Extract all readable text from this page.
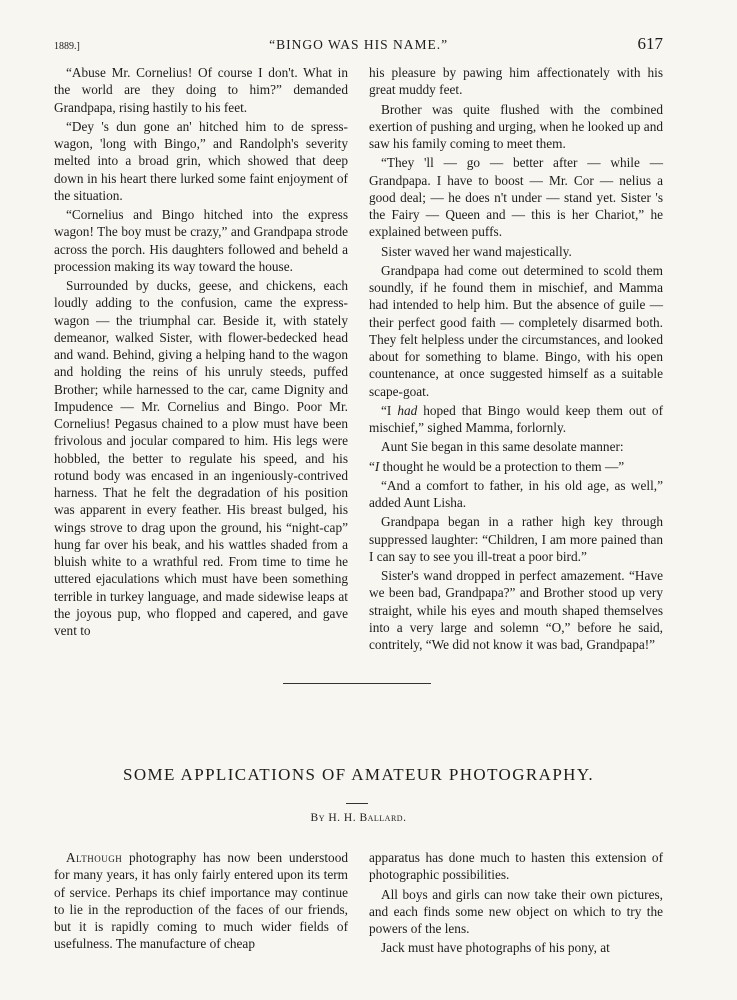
1889.]	“BINGO WAS HIS NAME.”	617

“Abuse Mr. Cornelius! Of course I don't. What in the world are they doing to him?” demanded Grandpapa, rising hastily to his feet.

“Dey 's dun gone an' hitched him to de spress-wagon, 'long with Bingo,” and Randolph's severity melted into a broad grin, which showed that deep down in his heart there lurked some faint enjoyment of the situation.

“Cornelius and Bingo hitched into the express wagon! The boy must be crazy,” and Grandpapa strode across the porch. His daughters followed and beheld a procession making its way toward the house.

Surrounded by ducks, geese, and chickens, each loudly adding to the confusion, came the express-wagon — the triumphal car. Beside it, with stately demeanor, walked Sister, with flower-bedecked head and wand. Behind, giving a helping hand to the wagon and holding the reins of his unruly steeds, puffed Brother; while harnessed to the car, came Dignity and Impudence — Mr. Cornelius and Bingo. Poor Mr. Cornelius! Pegasus chained to a plow must have been frivolous and jocular compared to him. His legs were hobbled, the better to regulate his speed, and his rotund body was encased in an ingeniously-contrived harness. That he felt the degradation of his position was apparent in every feather. His breast bulged, his wings strove to drag upon the ground, his “night-cap” hung far over his beak, and his wattles shaded from a bluish white to a wrathful red. From time to time he uttered ejaculations which must have been something terrible in turkey language, and made sidewise leaps at the joyous pup, who flopped and capered, and gave vent to

his pleasure by pawing him affectionately with his great muddy feet.

Brother was quite flushed with the combined exertion of pushing and urging, when he looked up and saw his family coming to meet them.

“They 'll — go — better after — while — Grandpapa. I have to boost — Mr. Cor — nelius a good deal; — he does n't under — stand yet. Sister 's the Fairy — Queen and — this is her Chariot,” he explained between puffs.

Sister waved her wand majestically.

Grandpapa had come out determined to scold them soundly, if he found them in mischief, and Mamma had intended to help him. But the absence of guile — their perfect good faith — completely disarmed both. They felt helpless under the circumstances, and looked about for something to blame. Bingo, with his open countenance, at once suggested himself as a suitable scape-goat.

“I had hoped that Bingo would keep them out of mischief,” sighed Mamma, forlornly.

Aunt Sie began in this same desolate manner:

“I thought he would be a protection to them —”

“And a comfort to father, in his old age, as well,” added Aunt Lisha.

Grandpapa began in a rather high key through suppressed laughter: “Children, I am more pained than I can say to see you ill-treat a poor bird.”

Sister's wand dropped in perfect amazement. “Have we been bad, Grandpapa?” and Brother stood up very straight, while his eyes and mouth shaped themselves into a very large and solemn “O,” before he said, contritely, “We did not know it was bad, Grandpapa!”

SOME APPLICATIONS OF AMATEUR PHOTOGRAPHY.
By H. H. Ballard.

Although photography has now been understood for many years, it has only fairly entered upon its term of service. Perhaps its chief importance may continue to lie in the reproduction of the faces of our friends, but it is rapidly coming to much wider fields of usefulness. The manufacture of cheap

apparatus has done much to hasten this extension of photographic possibilities.

All boys and girls can now take their own pictures, and each finds some new object on which to try the powers of the lens.

Jack must have photographs of his pony, at
